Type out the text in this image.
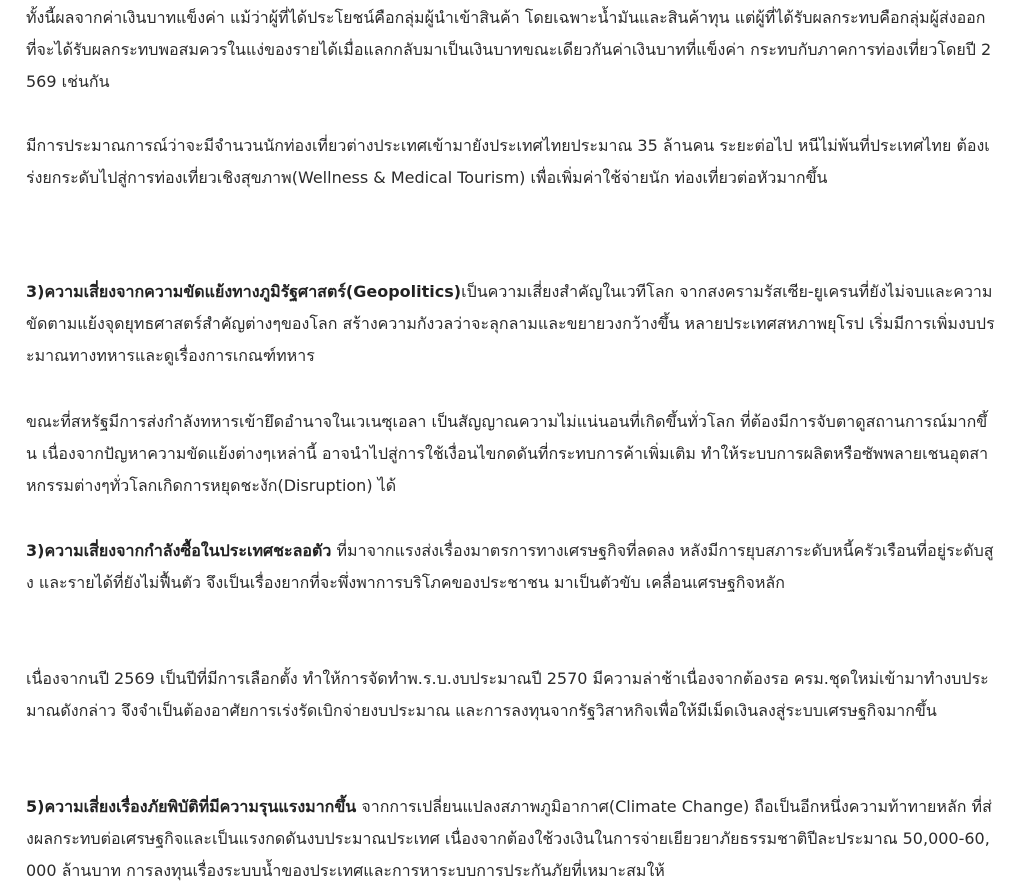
ทั้งนี้ผลจากค่าเงินบาทแข็งค่า แม้ว่าผู้ที่ได้ประโยชน์คือกลุ่มผู้นำเข้าสินค้า โดยเฉพาะน้ำมันและสินค้าทุน แต่ผู้ที่ได้รับผลกระทบคือกลุ่มผู้ส่งออก ที่จะได้รับผลกระทบพอสมควรในแง่ของรายได้เมื่อแลกกลับมาเป็นเงินบาทขณะเดียวกันค่าเงินบาทที่แข็งค่า กระทบกับภาคการท่องเที่ยวโดยปี 2569 เช่นกัน

มีการประมาณการณ์ว่าจะมีจำนวนนักท่องเที่ยวต่างประเทศเข้ามายังประเทศไทยประมาณ 35 ล้านคน ระยะต่อไป หนีไม่พ้นที่ประเทศไทย ต้องเร่งยกระดับไปสู่การท่องเที่ยวเชิงสุขภาพ(Wellness & Medical Tourism) เพื่อเพิ่มค่าใช้จ่ายนัก ท่องเที่ยวต่อหัวมากขึ้น

3)ความเสี่ยงจากความขัดแย้งทางภูมิรัฐศาสตร์(Geopolitics)เป็นความเสี่ยงสำคัญในเวทีโลก จากสงครามรัสเซีย-ยูเครนที่ยังไม่จบและความขัดตามแย้งจุดยุทธศาสตร์สำคัญต่างๆของโลก สร้างความกังวลว่าจะลุกลามและขยายวงกว้างขึ้น หลายประเทศสหภาพยุโรป เริ่มมีการเพิ่มงบประมาณทางทหารและดูเรื่องการเกณฑ์ทหาร

ขณะที่สหรัฐมีการส่งกำลังทหารเข้ายึดอำนาจในเวเนซุเอลา เป็นสัญญาณความไม่แน่นอนที่เกิดขึ้นทั่วโลก ที่ต้องมีการจับตาดูสถานการณ์มากขึ้น เนื่องจากปัญหาความขัดแย้งต่างๆเหล่านี้ อาจนำไปสู่การใช้เงื่อนไขกดดันที่กระทบการค้าเพิ่มเติม ทำให้ระบบการผลิตหรือซัพพลายเชนอุตสาหกรรมต่างๆทั่วโลกเกิดการหยุดชะงัก(Disruption) ได้

3)ความเสี่ยงจากกำลังซื้อในประเทศชะลอตัว ที่มาจากแรงส่งเรื่องมาตรการทางเศรษฐกิจที่ลดลง หลังมีการยุบสภาระดับหนี้ครัวเรือนที่อยู่ระดับสูง และรายได้ที่ยังไม่ฟื้นตัว จึงเป็นเรื่องยากที่จะพึ่งพาการบริโภคของประชาชน มาเป็นตัวขับ เคลื่อนเศรษฐกิจหลัก

เนื่องจากนปี 2569 เป็นปีที่มีการเลือกตั้ง ทำให้การจัดทำพ.ร.บ.งบประมาณปี 2570 มีความล่าช้าเนื่องจากต้องรอ ครม.ชุดใหม่เข้ามาทำงบประมาณดังกล่าว จึงจำเป็นต้องอาศัยการเร่งรัดเบิกจ่ายงบประมาณ และการลงทุนจากรัฐวิสาหกิจเพื่อให้มีเม็ดเงินลงสู่ระบบเศรษฐกิจมากขึ้น

5)ความเสี่ยงเรื่องภัยพิบัติที่มีความรุนแรงมากขึ้น จากการเปลี่ยนแปลงสภาพภูมิอากาศ(Climate Change) ถือเป็นอีกหนึ่งความท้าทายหลัก ที่ส่งผลกระทบต่อเศรษฐกิจและเป็นแรงกดดันงบประมาณประเทศ เนื่องจากต้องใช้วงเงินในการจ่ายเยียวยาภัยธรรมชาติปีละประมาณ 50,000-60,000 ล้านบาท การลงทุนเรื่องระบบน้ำของประเทศและการหาระบบการประกันภัยที่เหมาะสมให้
